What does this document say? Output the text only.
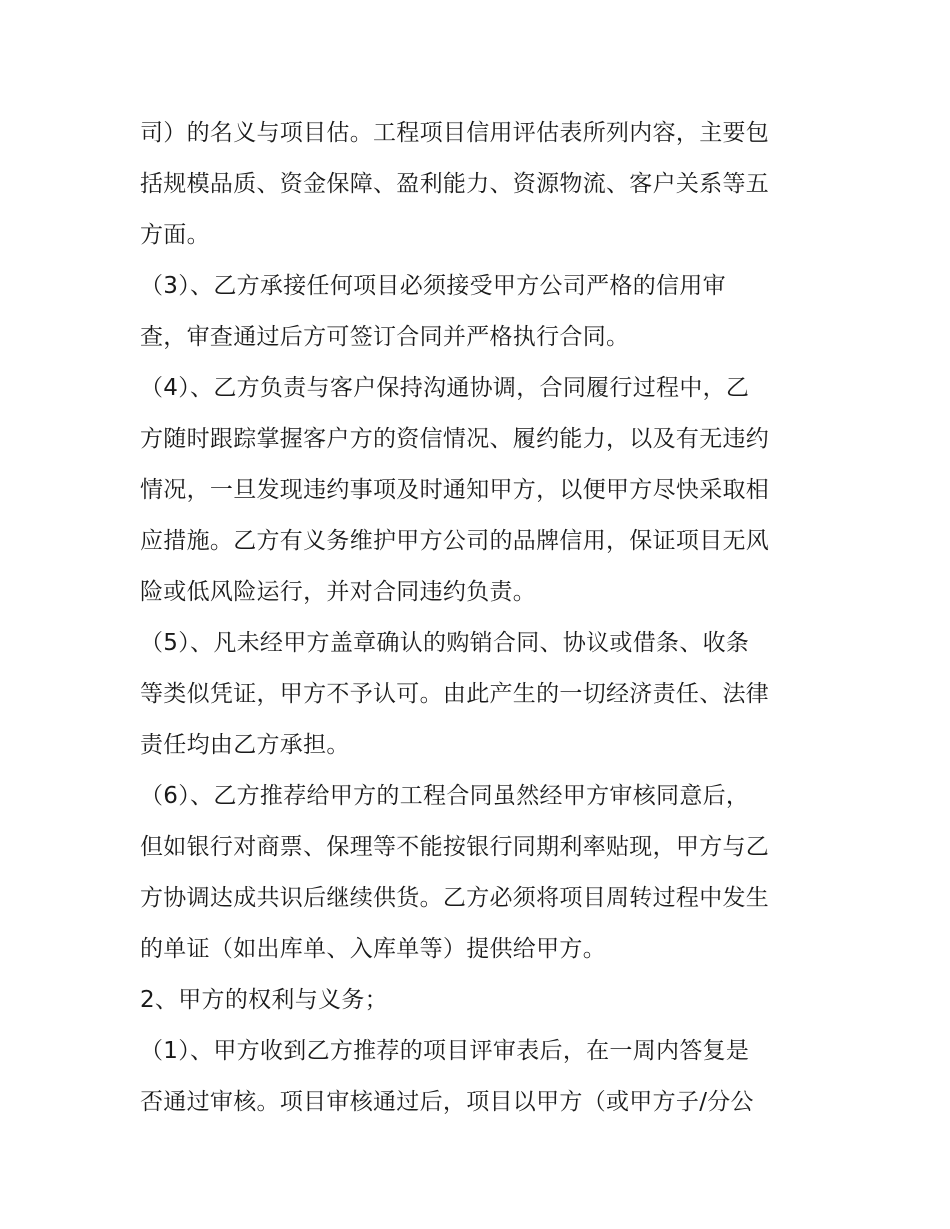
司）的名义与项目估。工程项目信用评估表所列内容，主要包
括规模品质、资金保障、盈利能力、资源物流、客户关系等五
方面。
（3）、乙方承接任何项目必须接受甲方公司严格的信用审
查，审查通过后方可签订合同并严格执行合同。
（4）、乙方负责与客户保持沟通协调，合同履行过程中，乙
方随时跟踪掌握客户方的资信情况、履约能力，以及有无违约
情况，一旦发现违约事项及时通知甲方，以便甲方尽快采取相
应措施。乙方有义务维护甲方公司的品牌信用，保证项目无风
险或低风险运行，并对合同违约负责。
（5）、凡未经甲方盖章确认的购销合同、协议或借条、收条
等类似凭证，甲方不予认可。由此产生的一切经济责任、法律
责任均由乙方承担。
（6）、乙方推荐给甲方的工程合同虽然经甲方审核同意后，
但如银行对商票、保理等不能按银行同期利率贴现，甲方与乙
方协调达成共识后继续供货。乙方必须将项目周转过程中发生
的单证（如出库单、入库单等）提供给甲方。
2、甲方的权利与义务；
（1）、甲方收到乙方推荐的项目评审表后，在一周内答复是
否通过审核。项目审核通过后，项目以甲方（或甲方子/分公
